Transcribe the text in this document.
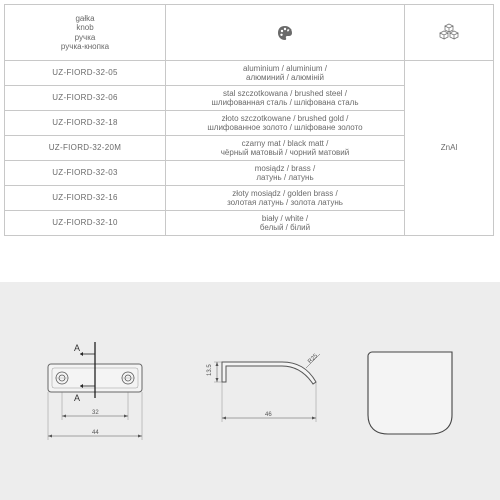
gałka
knob
ручка
ручка-кнопка

UZ-FIORD-32-05	aluminium / aluminium /
алюминий / алюміній	ZnAl
UZ-FIORD-32-06	stal szczotkowana / brushed steel /
шлифованная сталь / шліфована сталь	

UZ-FIORD-32-18	złoto szczotkowane / brushed gold /
шлифованное золото / шліфоване золото	

UZ-FIORD-32-20M	czarny mat / black matt /
чёрный матовый / чорний матовий	

UZ-FIORD-32-03	mosiądz / brass /
латунь / латунь	

UZ-FIORD-32-16	złoty mosiądz / golden brass /
золотая латунь / золота латунь	

UZ-FIORD-32-10	biały / white /
белый / білий	
A
A
32
44
13.5
46
R25
